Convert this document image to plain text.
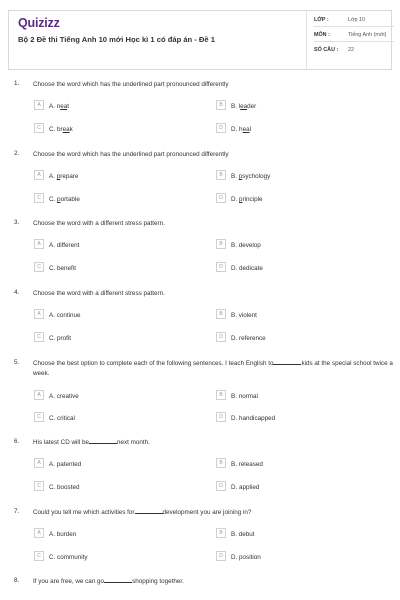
Quizizz
Bộ 2 Đề thi Tiếng Anh 10 mới Học kì 1 có đáp án - Đề 1
LỚP :	Lớp 10
MÔN :	Tiếng Anh (mới)
SỐ CÂU :	22
1. Choose the word which has the underlined part pronounced differently
A	A. neat	B	B. leader
C	C. break	D	D. heal
2. Choose the word which has the underlined part pronounced differently
A	A. prepare	B	B. psychology
C	C. portable	D	D. principle
3. Choose the word with a different stress pattern.
A	A. different	B	B. develop
C	C. benefit	D	D. dedicate
4. Choose the word with a different stress pattern.
A	A. continue	B	B. violent
C	C. profit	D	D. reference
5. Choose the best option to complete each of the following sentences. I teach English to	kids at the special school twice a week.
A	A. creative	B	B. normal
C	C. critical	D	D. handicapped
6. His latest CD will be	next month.
A	A. patented	B	B. released
C	C. boosted	D	D. applied
7. Could you tell me which activities for	development you are joining in?
A	A. burden	B	B. debut
C	C. community	D	D. position
8. If you are free, we can go	shopping together.
